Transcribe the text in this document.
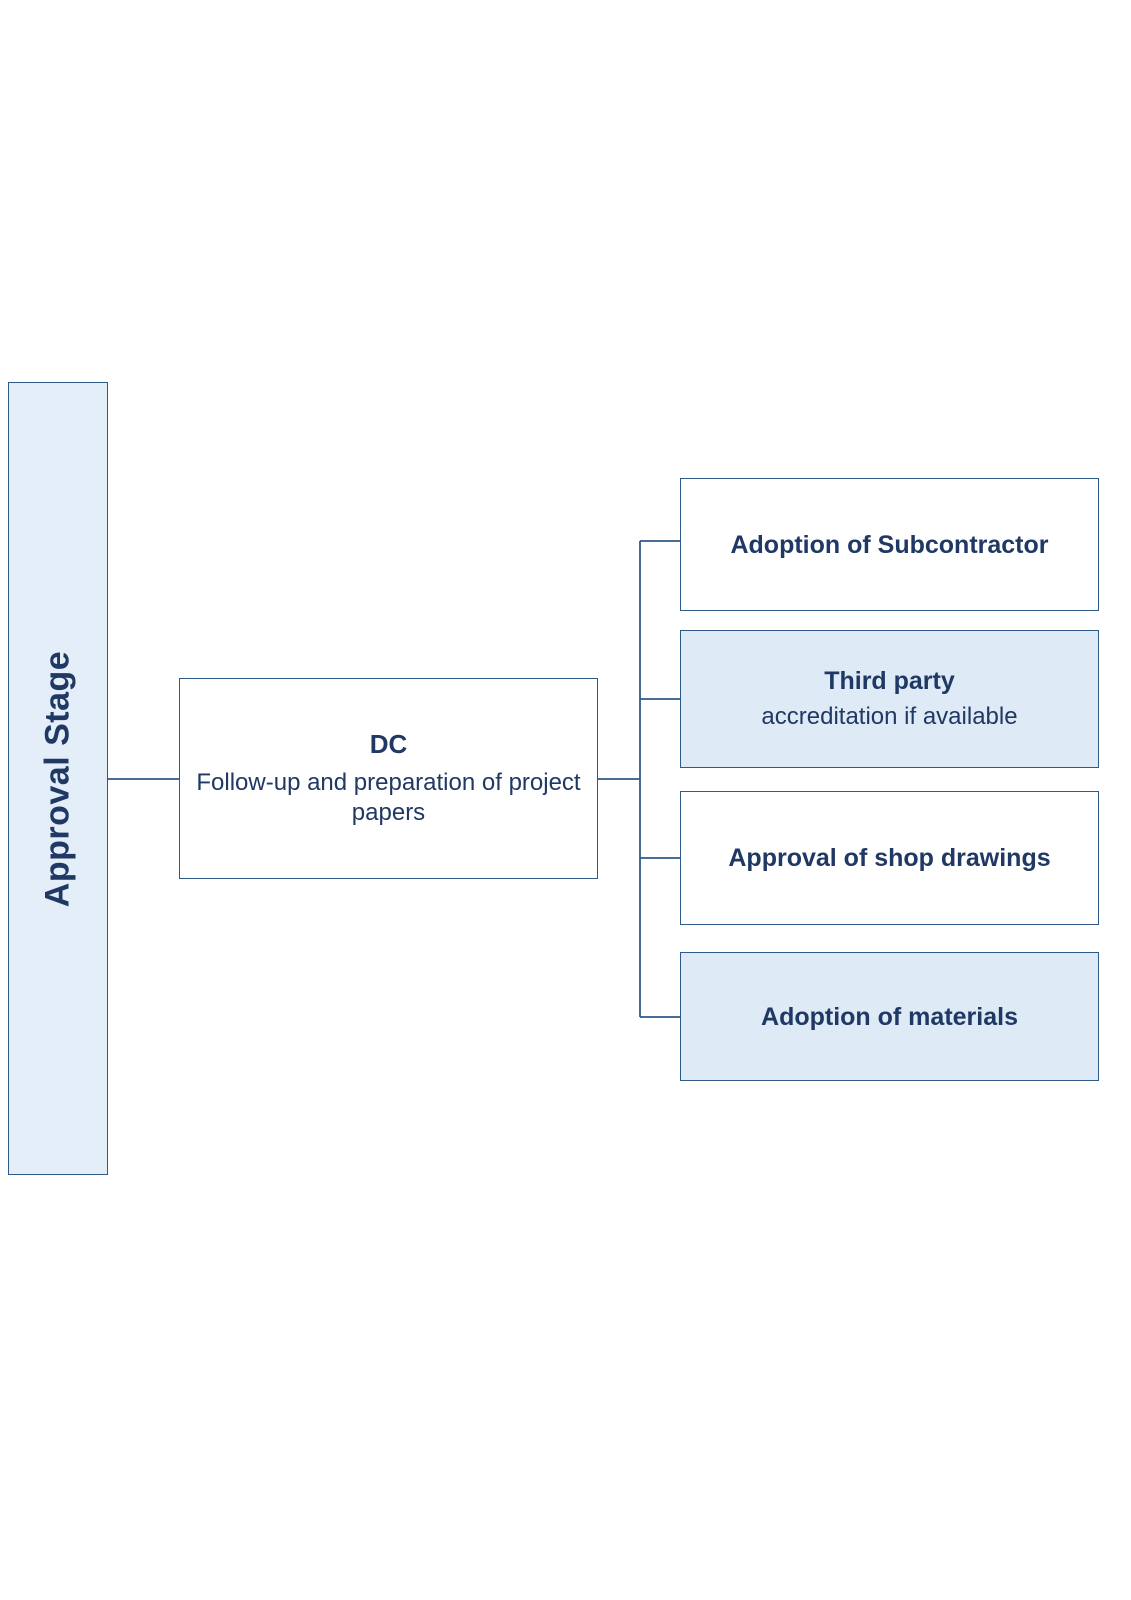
Approval Stage	DC
Follow-up and preparation of project papers
Adoption of Subcontractor
Third party
accreditation if available
Approval of shop drawings
Adoption of materials
